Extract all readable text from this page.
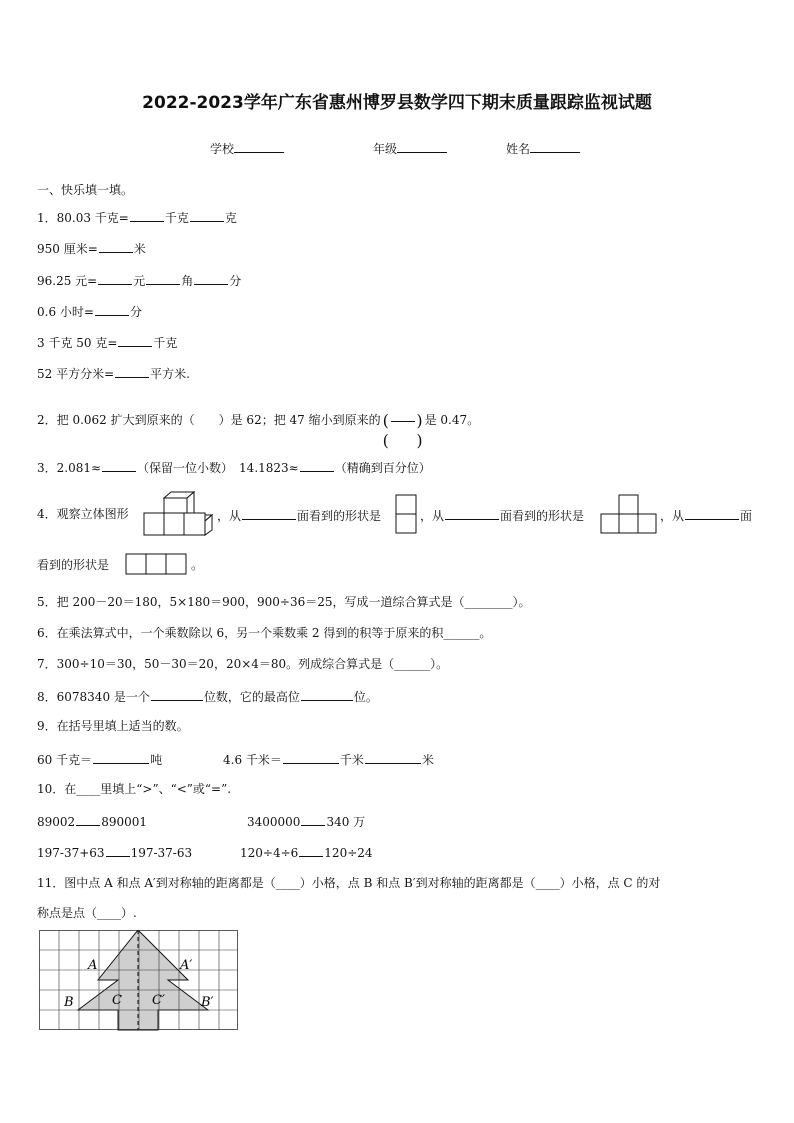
2022-2023学年广东省惠州博罗县数学四下期末质量跟踪监视试题
学校	年级	姓名
一、快乐填一填。
1．80.03 千克=	千克	克
950 厘米=	米
96.25 元=	元	角	分
0.6 小时=	分
3 千克 50 克=	千克
52 平方分米=	平方米.
2．把 0.062 扩大到原来的（　　）是 62；把 47 缩小到原来的 ( )
( )
是 0.47。
3．2.081≈	（保留一位小数）　14.1823≈	（精确到百分位）
4．观察立体图形	，从	面看到的形状是	，从	面看到的形状是	，从	面
看到的形状是	。
5．把 200－20＝180，5×180＝900，900÷36＝25，写成一道综合算式是（________）。
6．在乘法算式中，一个乘数除以 6，另一个乘数乘 2 得到的积等于原来的积______。
7．300÷10＝30，50－30＝20，20×4＝80。列成综合算式是（______）。
8．6078340 是一个	位数，它的最高位	位。
9．在括号里填上适当的数。
60 千克＝	吨	4.6 千米＝	千米	米
10．在____里填上“>”、“<”或“=”.
89002 890001	3400000 340 万
197-37+63 197-37-63	120÷4÷6 120÷24
11．图中点 A 和点 A′到对称轴的距离都是（____）小格，点 B 和点 B′到对称轴的距离都是（____）小格，点 C 的对
称点是点（____）.
A	A′
B	B′
C C′
